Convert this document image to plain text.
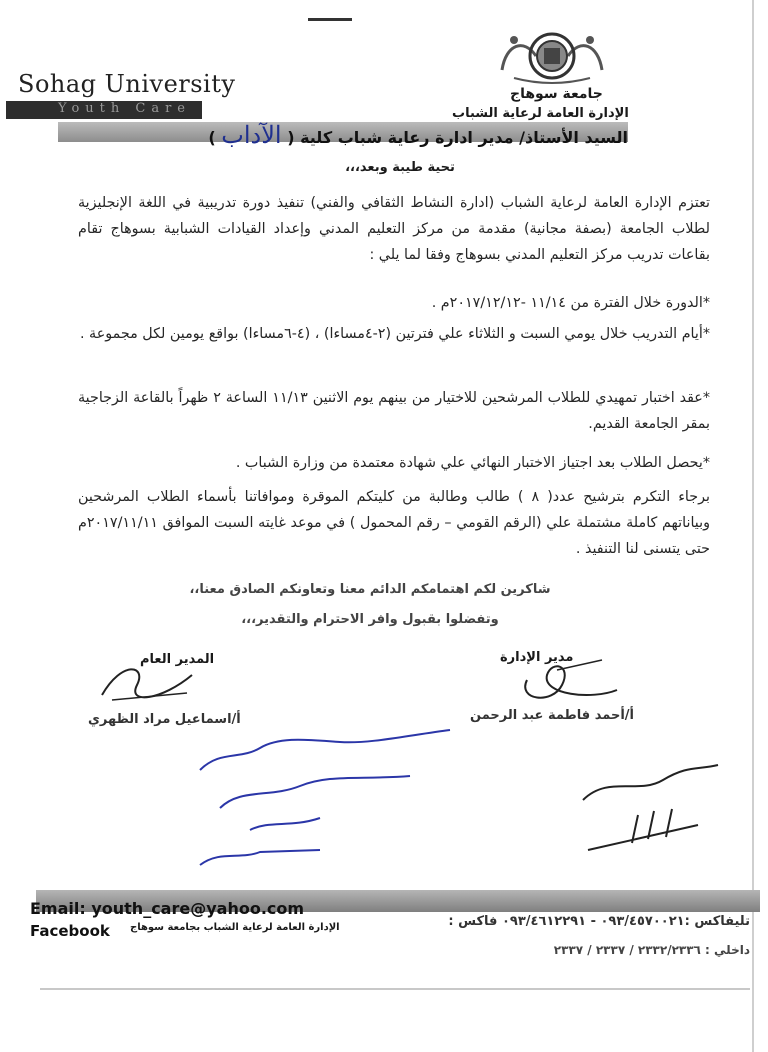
Sohag University
Youth Care
جامعة سوهاج
الإدارة العامة لرعاية الشباب
السيد الأستاذ/ مدير ادارة رعاية شباب كلية ( الآداب )
تحية طيبة وبعد،،،
تعتزم الإدارة العامة لرعاية الشباب (ادارة النشاط الثقافي والفني) تنفيذ دورة تدريبية في اللغة الإنجليزية لطلاب الجامعة (بصفة مجانية) مقدمة من مركز التعليم المدني وإعداد القيادات الشبابية بسوهاج تقام بقاعات تدريب مركز التعليم المدني بسوهاج وفقا لما يلي :
*الدورة خلال الفترة من ١١/١٤ -٢٠١٧/١٢/١٢م .
*أيام التدريب خلال يومي السبت و الثلاثاء علي فترتين (٢-٤مساءا) ، (٤-٦مساءا) بواقع يومين لكل مجموعة .
*عقد اختبار تمهيدي للطلاب المرشحين للاختيار من بينهم يوم الاثنين ١١/١٣ الساعة ٢ ظهراً بالقاعة الزجاجية بمقر الجامعة القديم.
*يحصل الطلاب بعد اجتياز الاختبار النهائي علي شهادة معتمدة من وزارة الشباب .
برجاء التكرم بترشيح عدد( ٨ ) طالب وطالبة من كليتكم الموقرة وموافاتنا بأسماء الطلاب المرشحين وبياناتهم كاملة مشتملة علي (الرقم القومي – رقم المحمول ) في موعد غايته السبت الموافق ٢٠١٧/١١/١١م حتى يتسنى لنا التنفيذ .
شاكرين لكم اهتمامكم الدائم معنا وتعاونكم الصادق معنا،،
وتفضلوا بقبول وافر الاحترام والتقدير،،،
المدير العام
أ/اسماعيل مراد الظهري
مدير الإدارة
أ/أحمد فاطمة عبد الرحمن
Email: youth_care@yahoo.com
Facebook الإدارة العامة لرعاية الشباب بجامعة سوهاج	تليفاكس :٠٩٣/٤٥٧٠٠٢١ - ٠٩٣/٤٦١٢٢٩١ فاكس :
داخلي : ٢٣٣٢/٢٣٣٦ / ٢٣٣٧ / ٢٣٣٧
